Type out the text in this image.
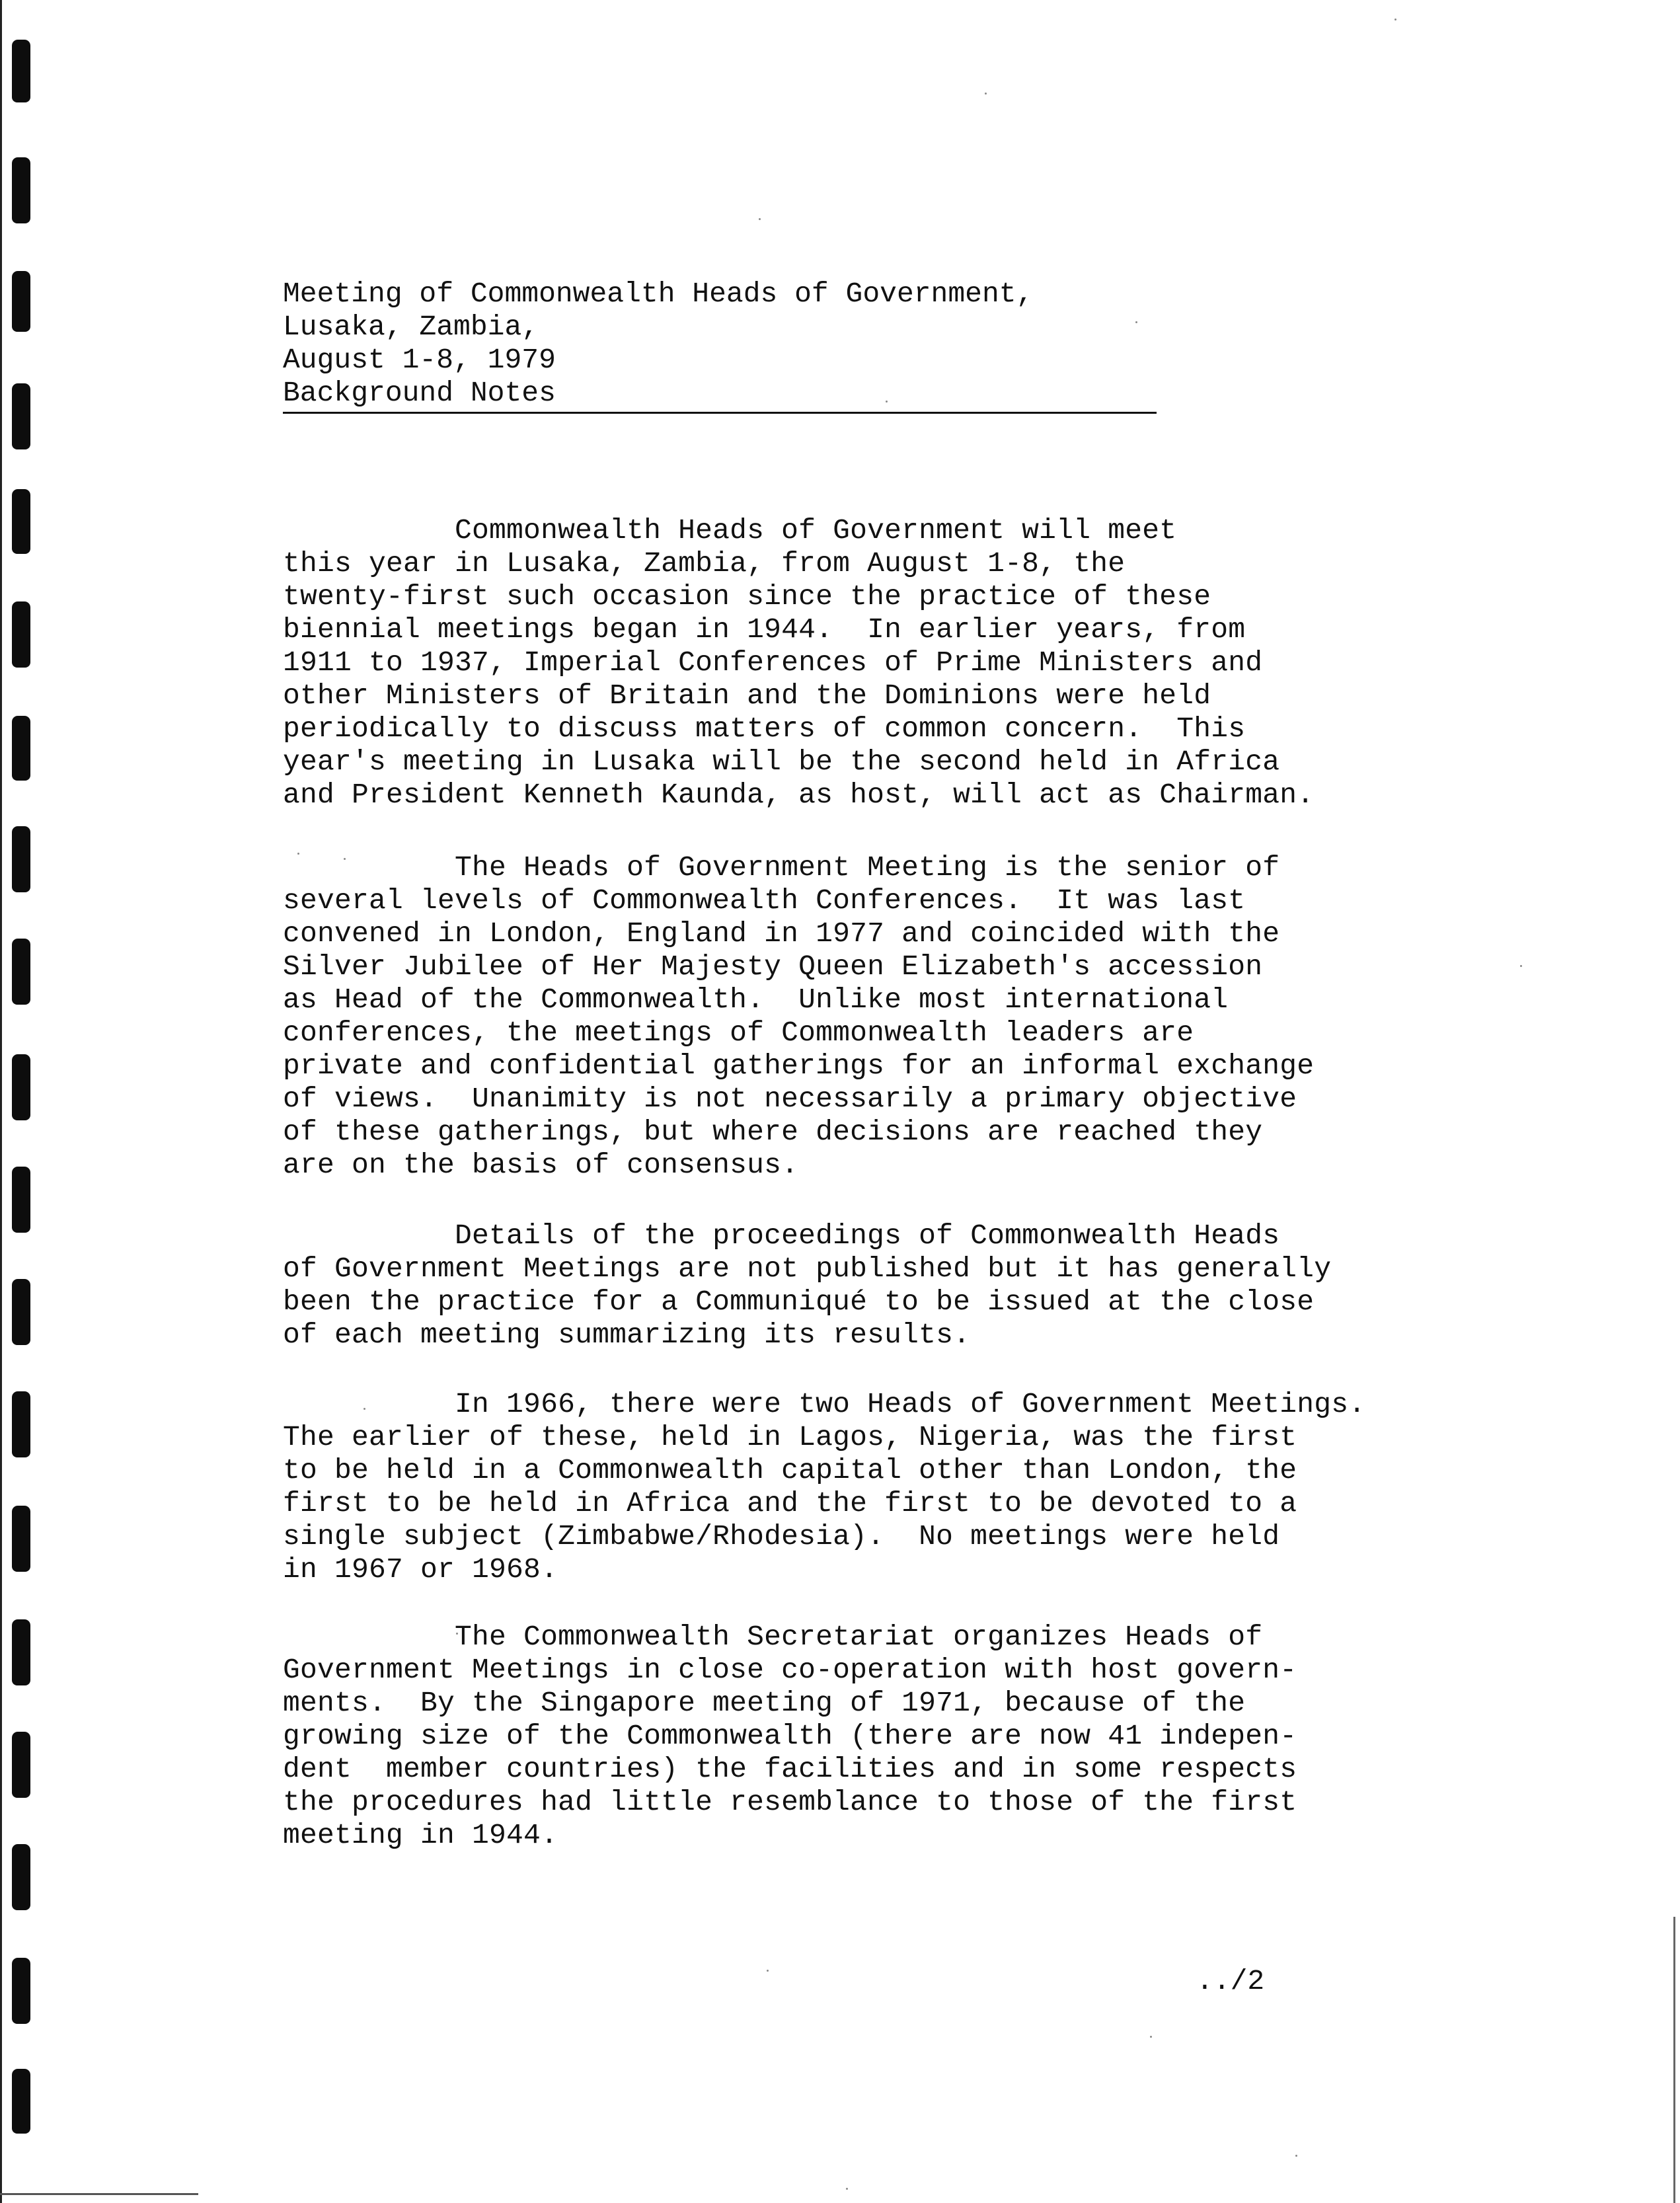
Meeting of Commonwealth Heads of Government,
Lusaka, Zambia,
August 1-8, 1979
Background Notes
Commonwealth Heads of Government will meet
this year in Lusaka, Zambia, from August 1-8, the
twenty-first such occasion since the practice of these
biennial meetings began in 1944.  In earlier years, from
1911 to 1937, Imperial Conferences of Prime Ministers and
other Ministers of Britain and the Dominions were held
periodically to discuss matters of common concern.  This
year's meeting in Lusaka will be the second held in Africa
and President Kenneth Kaunda, as host, will act as Chairman.
The Heads of Government Meeting is the senior of
several levels of Commonwealth Conferences.  It was last
convened in London, England in 1977 and coincided with the
Silver Jubilee of Her Majesty Queen Elizabeth's accession
as Head of the Commonwealth.  Unlike most international
conferences, the meetings of Commonwealth leaders are
private and confidential gatherings for an informal exchange
of views.  Unanimity is not necessarily a primary objective
of these gatherings, but where decisions are reached they
are on the basis of consensus.
Details of the proceedings of Commonwealth Heads
of Government Meetings are not published but it has generally
been the practice for a Communiqué to be issued at the close
of each meeting summarizing its results.
In 1966, there were two Heads of Government Meetings.
The earlier of these, held in Lagos, Nigeria, was the first
to be held in a Commonwealth capital other than London, the
first to be held in Africa and the first to be devoted to a
single subject (Zimbabwe/Rhodesia).  No meetings were held
in 1967 or 1968.
The Commonwealth Secretariat organizes Heads of
Government Meetings in close co-operation with host govern-
ments.  By the Singapore meeting of 1971, because of the
growing size of the Commonwealth (there are now 41 indepen-
dent  member countries) the facilities and in some respects
the procedures had little resemblance to those of the first
meeting in 1944.
../2
